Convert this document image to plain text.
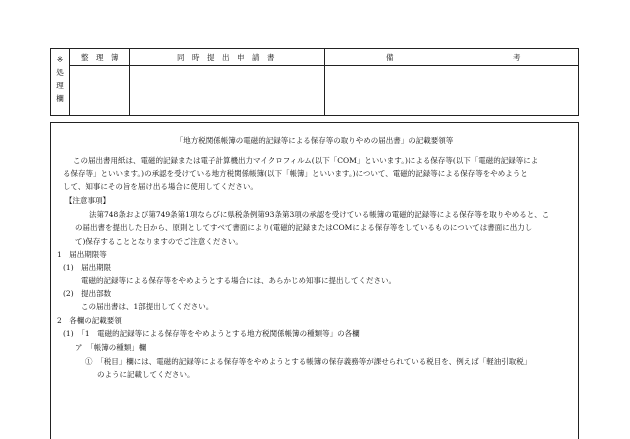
※
処
理
欄
整　理　簿	同　時　提　出　申　請　書	備	考
「地方税関係帳簿の電磁的記録等による保存等の取りやめの届出書」の記載要領等
この届出書用紙は、電磁的記録または電子計算機出力マイクロフィルム(以下「COM」といいます。)による保存等(以下「電磁的記録等によ
る保存等」といいます。)の承認を受けている地方税関係帳簿(以下「帳簿」といいます。)について、電磁的記録等による保存等をやめようと
して、知事にその旨を届け出る場合に使用してください。
【注意事項】
法第748条および第749条第1項ならびに県税条例第93条第3項の承認を受けている帳簿の電磁的記録等による保存等を取りやめると、こ
の届出書を提出した日から、原則としてすべて書面により(電磁的記録またはCOMによる保存等をしているものについては書面に出力し
て)保存することとなりますのでご注意ください。
1　届出期限等
(1)　届出期限
電磁的記録等による保存等をやめようとする場合には、あらかじめ知事に提出してください。
(2)　提出部数
この届出書は、1部提出してください。
2　各欄の記載要領
(1)　「1　電磁的記録等による保存等をやめようとする地方税関係帳簿の種類等」の各欄
ア　「帳簿の種類」欄
①　「税目」欄には、電磁的記録等による保存等をやめようとする帳簿の保存義務等が課せられている税目を、例えば「軽油引取税」
のように記載してください。
